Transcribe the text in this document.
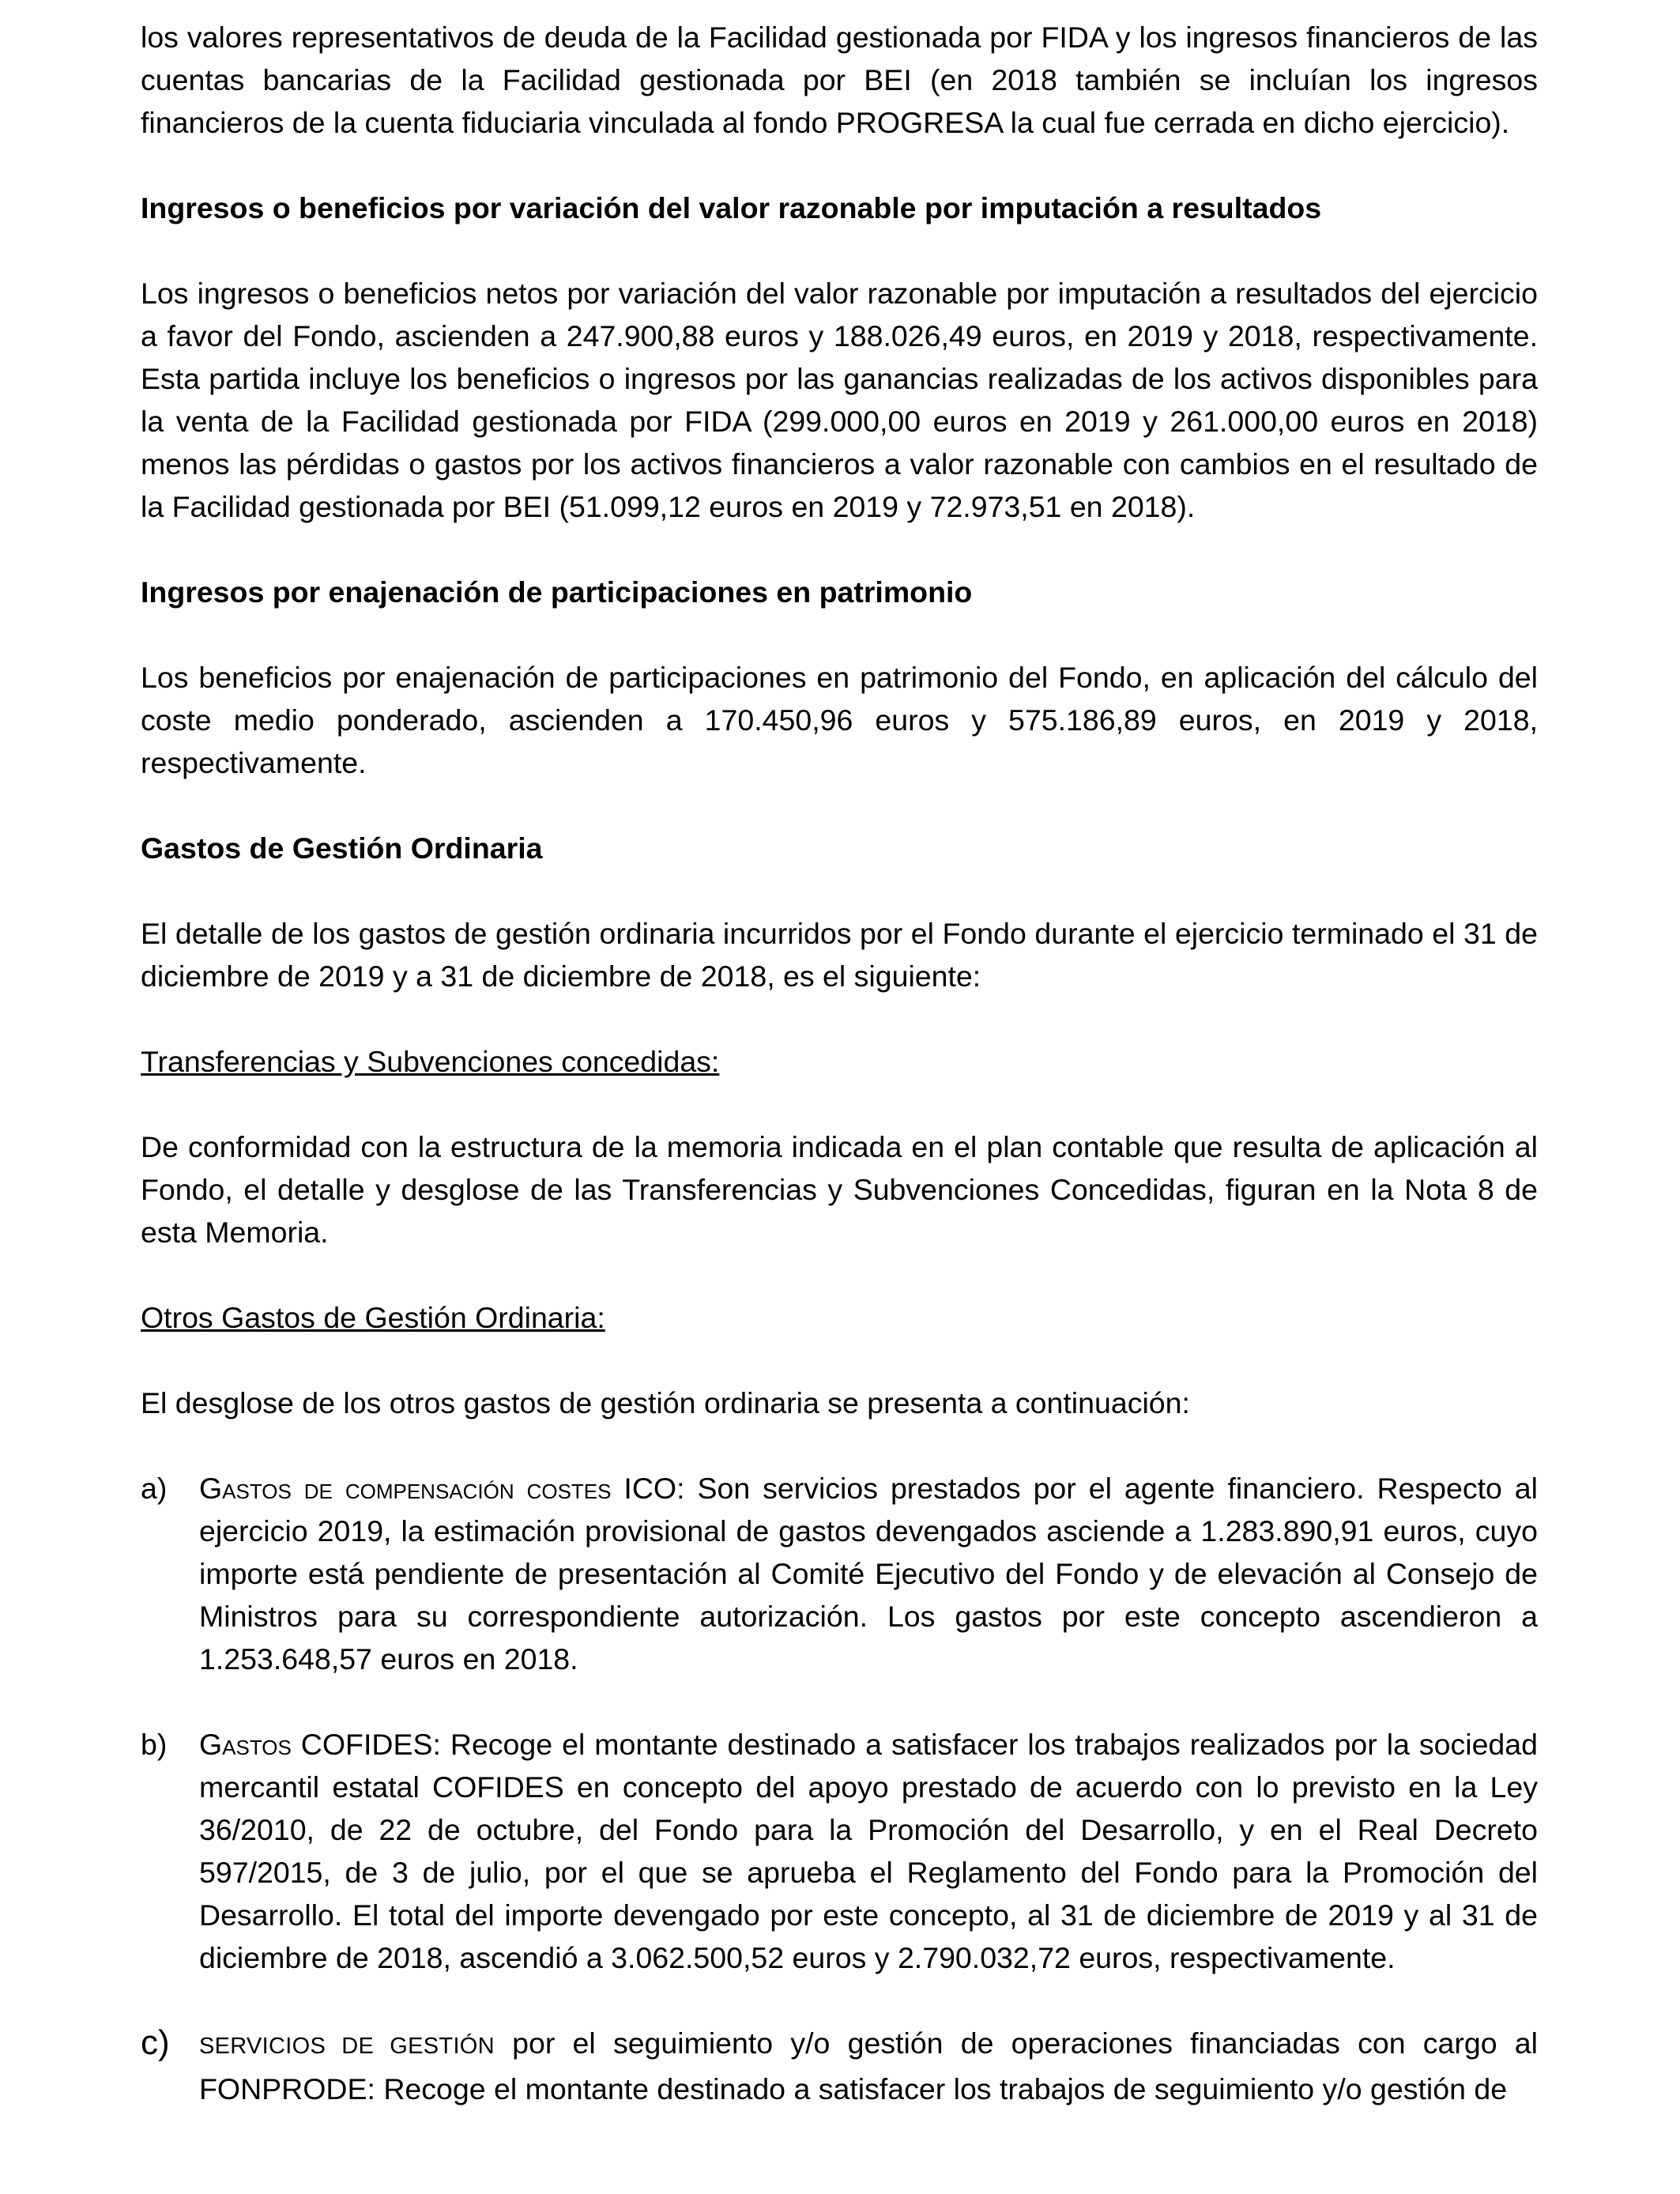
los valores representativos de deuda de la Facilidad gestionada por FIDA y los ingresos financieros de las cuentas bancarias de la Facilidad gestionada por BEI (en 2018 también se incluían los ingresos financieros de la cuenta fiduciaria vinculada al fondo PROGRESA la cual fue cerrada en dicho ejercicio).

Ingresos o beneficios por variación del valor razonable por imputación a resultados

Los ingresos o beneficios netos por variación del valor razonable por imputación a resultados del ejercicio a favor del Fondo, ascienden a 247.900,88 euros y 188.026,49 euros, en 2019 y 2018, respectivamente. Esta partida incluye los beneficios o ingresos por las ganancias realizadas de los activos disponibles para la venta de la Facilidad gestionada por FIDA (299.000,00 euros en 2019 y 261.000,00 euros en 2018) menos las pérdidas o gastos por los activos financieros a valor razonable con cambios en el resultado de la Facilidad gestionada por BEI (51.099,12 euros en 2019 y 72.973,51 en 2018).

Ingresos por enajenación de participaciones en patrimonio

Los beneficios por enajenación de participaciones en patrimonio del Fondo, en aplicación del cálculo del coste medio ponderado, ascienden a 170.450,96 euros y 575.186,89 euros, en 2019 y 2018, respectivamente.

Gastos de Gestión Ordinaria

El detalle de los gastos de gestión ordinaria incurridos por el Fondo durante el ejercicio terminado el 31 de diciembre de 2019 y a 31 de diciembre de 2018, es el siguiente:

Transferencias y Subvenciones concedidas:

De conformidad con la estructura de la memoria indicada en el plan contable que resulta de aplicación al Fondo, el detalle y desglose de las Transferencias y Subvenciones Concedidas, figuran en la Nota 8 de esta Memoria.

Otros Gastos de Gestión Ordinaria:

El desglose de los otros gastos de gestión ordinaria se presenta a continuación:

a) Gastos de compensación costes ICO: Son servicios prestados por el agente financiero. Respecto al ejercicio 2019, la estimación provisional de gastos devengados asciende a 1.283.890,91 euros, cuyo importe está pendiente de presentación al Comité Ejecutivo del Fondo y de elevación al Consejo de Ministros para su correspondiente autorización. Los gastos por este concepto ascendieron a 1.253.648,57 euros en 2018.
b) Gastos COFIDES: Recoge el montante destinado a satisfacer los trabajos realizados por la sociedad mercantil estatal COFIDES en concepto del apoyo prestado de acuerdo con lo previsto en la Ley 36/2010, de 22 de octubre, del Fondo para la Promoción del Desarrollo, y en el Real Decreto 597/2015, de 3 de julio, por el que se aprueba el Reglamento del Fondo para la Promoción del Desarrollo. El total del importe devengado por este concepto, al 31 de diciembre de 2019 y al 31 de diciembre de 2018, ascendió a 3.062.500,52 euros y 2.790.032,72 euros, respectivamente.
c) SERVICIOS DE GESTIÓN por el seguimiento y/o gestión de operaciones financiadas con cargo al FONPRODE: Recoge el montante destinado a satisfacer los trabajos de seguimiento y/o gestión de
